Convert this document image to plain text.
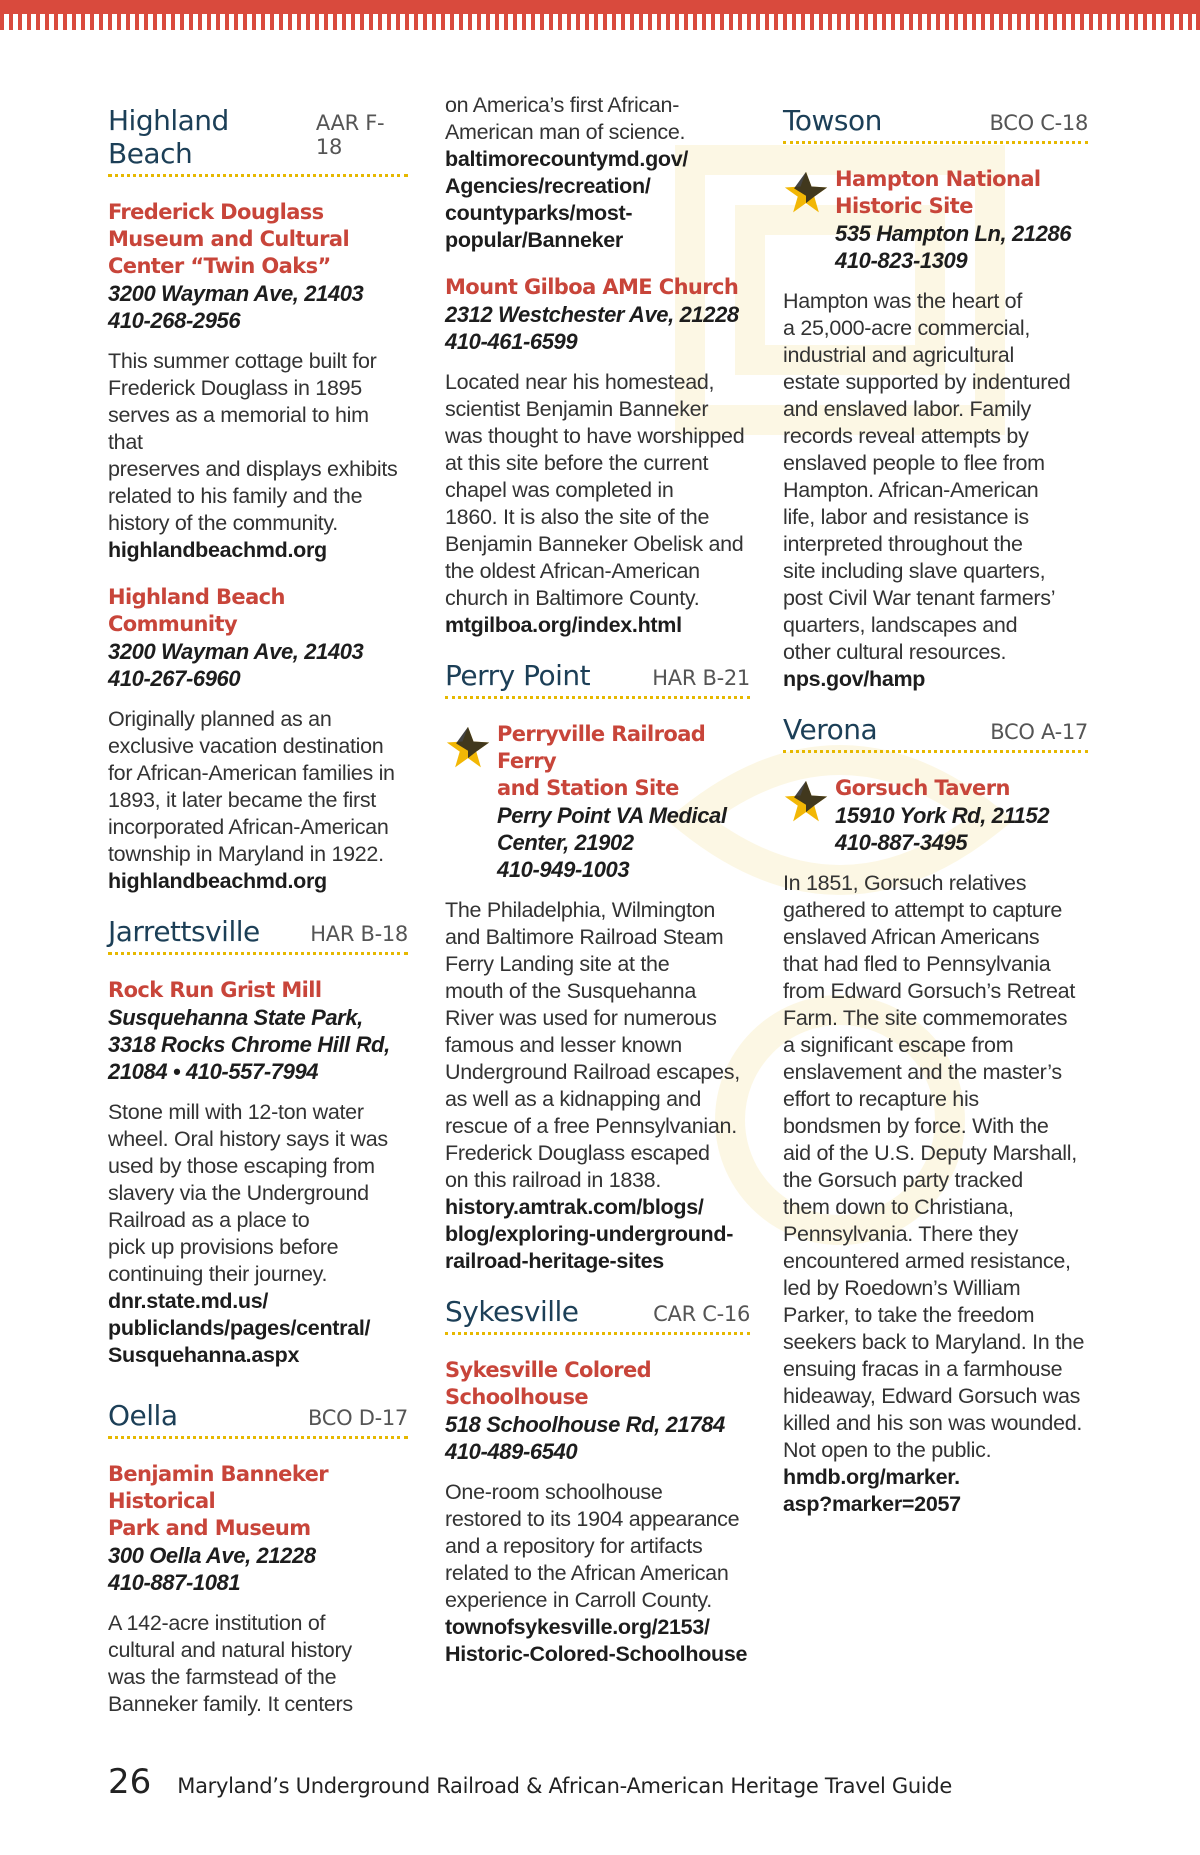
Highland Beach
AAR F-18
Frederick Douglass
Museum and Cultural
Center “Twin Oaks”
3200 Wayman Ave, 21403
410-268-2956
This summer cottage built for
Frederick Douglass in 1895
serves as a memorial to him that
preserves and displays exhibits
related to his family and the
history of the community.
highlandbeachmd.org
Highland Beach Community
3200 Wayman Ave, 21403
410-267-6960
Originally planned as an
exclusive vacation destination
for African-American families in
1893, it later became the first
incorporated African-American
township in Maryland in 1922.
highlandbeachmd.org
Jarrettsville HAR B-18
Rock Run Grist Mill
Susquehanna State Park,
3318 Rocks Chrome Hill Rd,
21084 • 410-557-7994
Stone mill with 12-ton water
wheel. Oral history says it was
used by those escaping from
slavery via the Underground
Railroad as a place to
pick up provisions before
continuing their journey.
dnr.state.md.us/
publiclands/pages/central/
Susquehanna.aspx
Oella	BCO D-17
Benjamin Banneker Historical
Park and Museum
300 Oella Ave, 21228
410-887-1081
A 142-acre institution of
cultural and natural history
was the farmstead of the
Banneker family. It centers
on America’s first African-
American man of science.
baltimorecountymd.gov/
Agencies/recreation/
countyparks/most-
popular/Banneker
Mount Gilboa AME Church
2312 Westchester Ave, 21228
410-461-6599
Located near his homestead,
scientist Benjamin Banneker
was thought to have worshipped
at this site before the current
chapel was completed in
1860. It is also the site of the
Benjamin Banneker Obelisk and
the oldest African-American
church in Baltimore County.
mtgilboa.org/index.html
Perry Point	HAR B-21
Perryville Railroad Ferry
and Station Site
Perry Point VA Medical
Center, 21902
410-949-1003
The Philadelphia, Wilmington
and Baltimore Railroad Steam
Ferry Landing site at the
mouth of the Susquehanna
River was used for numerous
famous and lesser known
Underground Railroad escapes,
as well as a kidnapping and
rescue of a free Pennsylvanian.
Frederick Douglass escaped
on this railroad in 1838.
history.amtrak.com/blogs/
blog/exploring-underground-
railroad-heritage-sites
Sykesville	CAR C-16
Sykesville Colored Schoolhouse
518 Schoolhouse Rd, 21784
410-489-6540
One-room schoolhouse
restored to its 1904 appearance
and a repository for artifacts
related to the African American
experience in Carroll County.
townofsykesville.org/2153/
Historic-Colored-Schoolhouse
Towson	BCO C-18
Hampton National
Historic Site
535 Hampton Ln, 21286
410-823-1309
Hampton was the heart of
a 25,000-acre commercial,
industrial and agricultural
estate supported by indentured
and enslaved labor. Family
records reveal attempts by
enslaved people to flee from
Hampton. African-American
life, labor and resistance is
interpreted throughout the
site including slave quarters,
post Civil War tenant farmers’
quarters, landscapes and
other cultural resources.
nps.gov/hamp
Verona	BCO A-17
Gorsuch Tavern
15910 York Rd, 21152
410-887-3495
In 1851, Gorsuch relatives
gathered to attempt to capture
enslaved African Americans
that had fled to Pennsylvania
from Edward Gorsuch’s Retreat
Farm. The site commemorates
a significant escape from
enslavement and the master’s
effort to recapture his
bondsmen by force. With the
aid of the U.S. Deputy Marshall,
the Gorsuch party tracked
them down to Christiana,
Pennsylvania. There they
encountered armed resistance,
led by Roedown’s William
Parker, to take the freedom
seekers back to Maryland. In the
ensuing fracas in a farmhouse
hideaway, Edward Gorsuch was
killed and his son was wounded.
Not open to the public.
hmdb.org/marker.
asp?marker=2057
26 Maryland’s Underground Railroad & African-American Heritage Travel Guide
